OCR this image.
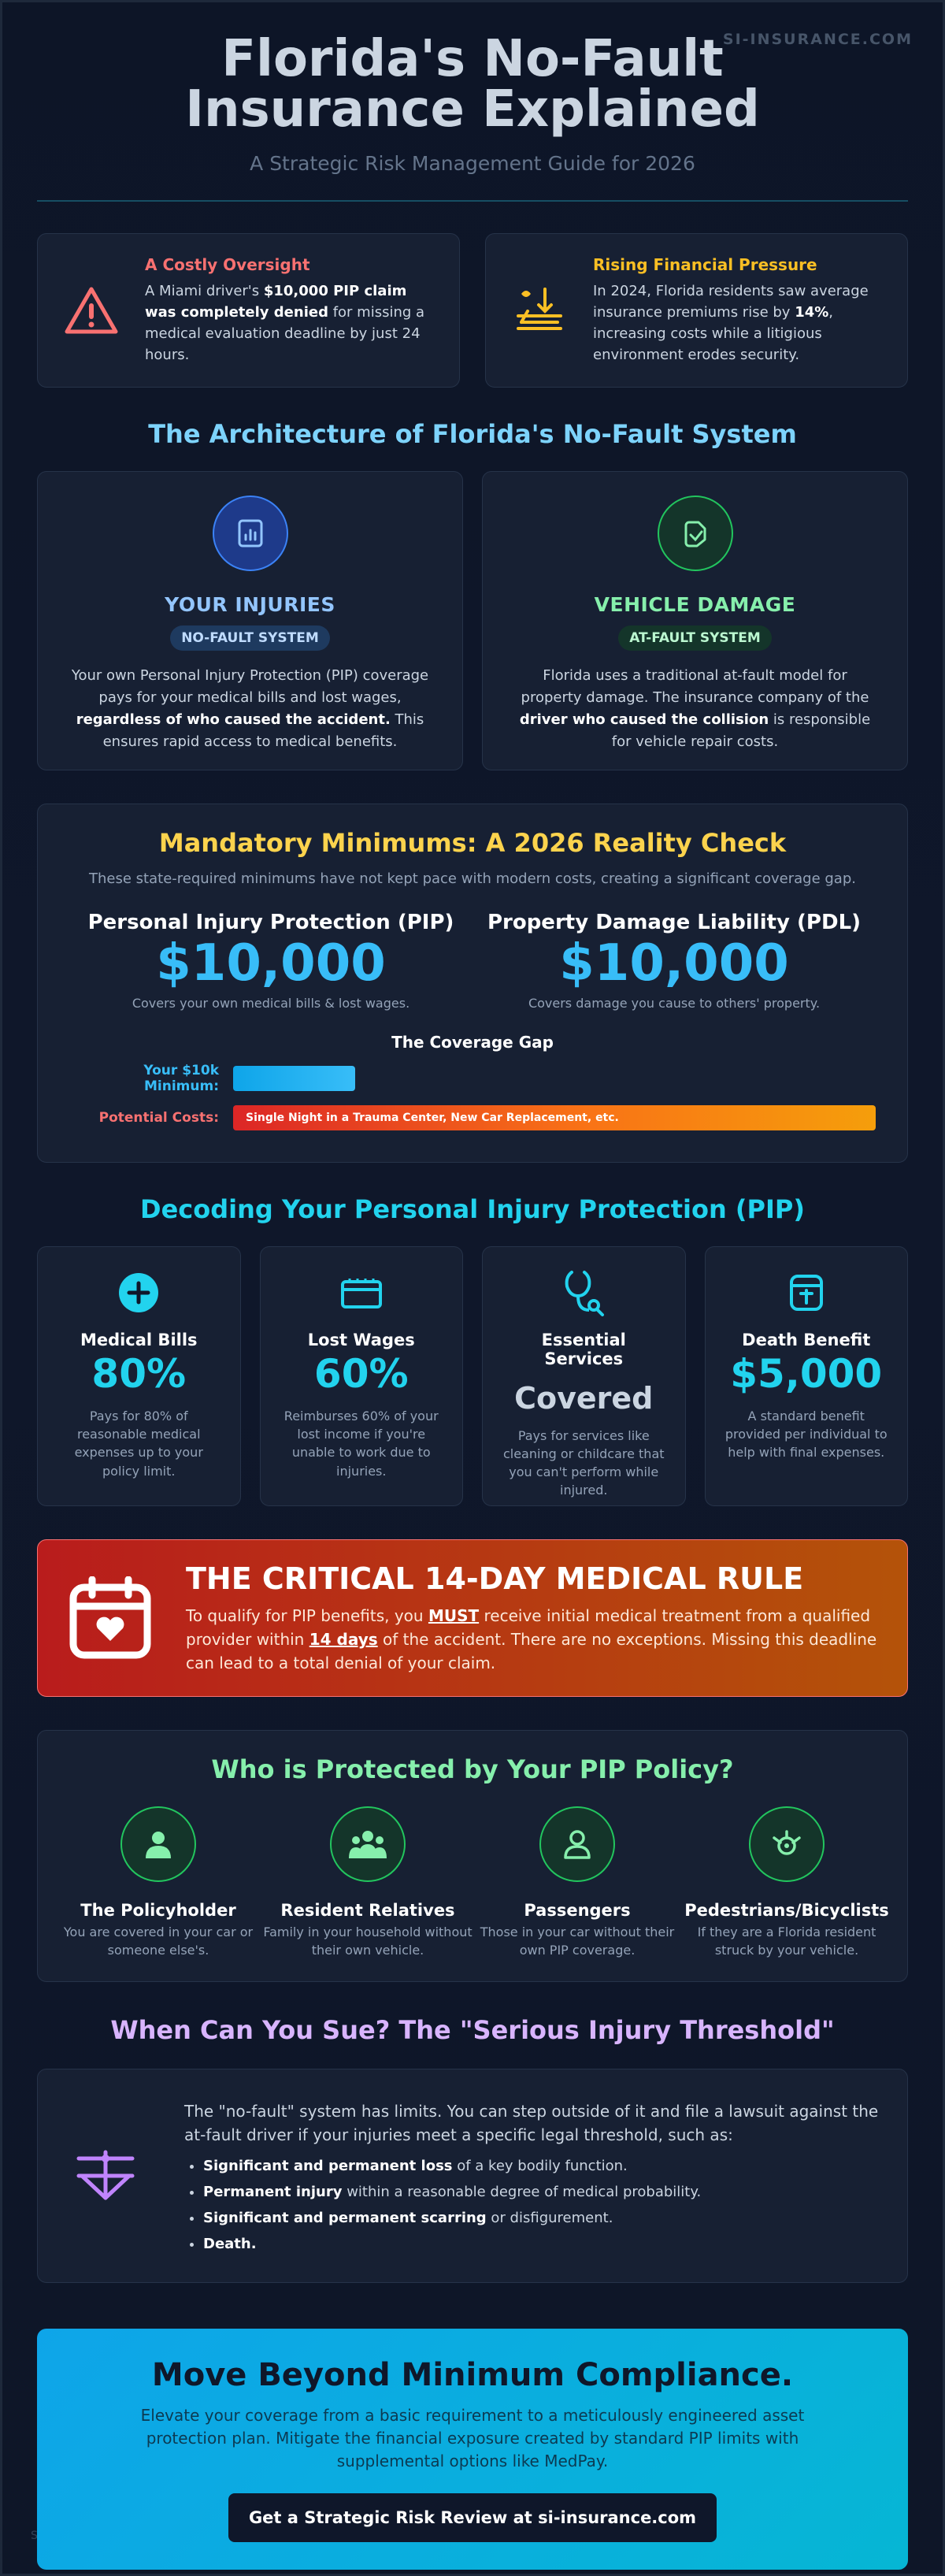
SI-INSURANCE.COM
Florida's No-Fault Insurance Explained
A Strategic Risk Management Guide for 2026
A Costly Oversight

A Miami driver's $10,000 PIP claim was completely denied for missing a medical evaluation deadline by just 24 hours.

Rising Financial Pressure

In 2024, Florida residents saw average insurance premiums rise by 14%, increasing costs while a litigious environment erodes security.

The Architecture of Florida's No-Fault System
YOUR INJURIES
NO-FAULT SYSTEM

Your own Personal Injury Protection (PIP) coverage pays for your medical bills and lost wages, regardless of who caused the accident. This ensures rapid access to medical benefits.

VEHICLE DAMAGE
AT-FAULT SYSTEM

Florida uses a traditional at-fault model for property damage. The insurance company of the driver who caused the collision is responsible for vehicle repair costs.

Mandatory Minimums: A 2026 Reality Check
These state-required minimums have not kept pace with modern costs, creating a significant coverage gap.
Personal Injury Protection (PIP)
$10,000
Covers your own medical bills & lost wages.
Property Damage Liability (PDL)
$10,000
Covers damage you cause to others' property.
The Coverage Gap
Your $10k Minimum:
Potential Costs:	Single Night in a Trauma Center, New Car Replacement, etc.
Decoding Your Personal Injury Protection (PIP)
Medical Bills
80%
Pays for 80% of reasonable medical expenses up to your policy limit.
Lost Wages
60%
Reimburses 60% of your lost income if you're unable to work due to injuries.
Essential Services
Covered
Pays for services like cleaning or childcare that you can't perform while injured.
Death Benefit
$5,000
A standard benefit provided per individual to help with final expenses.
THE CRITICAL 14-DAY MEDICAL RULE

To qualify for PIP benefits, you MUST receive initial medical treatment from a qualified provider within 14 days of the accident. There are no exceptions. Missing this deadline can lead to a total denial of your claim.

Who is Protected by Your PIP Policy?
The Policyholder
You are covered in your car or someone else's.
Resident Relatives
Family in your household without their own vehicle.
Passengers
Those in your car without their own PIP coverage.
Pedestrians/Bicyclists
If they are a Florida resident struck by your vehicle.
When Can You Sue? The "Serious Injury Threshold"

The "no-fault" system has limits. You can step outside of it and file a lawsuit against the at-fault driver if your injuries meet a specific legal threshold, such as:

• Significant and permanent loss of a key bodily function.
• Permanent injury within a reasonable degree of medical probability.
• Significant and permanent scarring or disfigurement.
• Death.
Move Beyond Minimum Compliance.

Elevate your coverage from a basic requirement to a meticulously engineered asset protection plan. Mitigate the financial exposure created by standard PIP limits with supplemental options like MedPay.

Get a Strategic Risk Review at si-insurance.com
S
